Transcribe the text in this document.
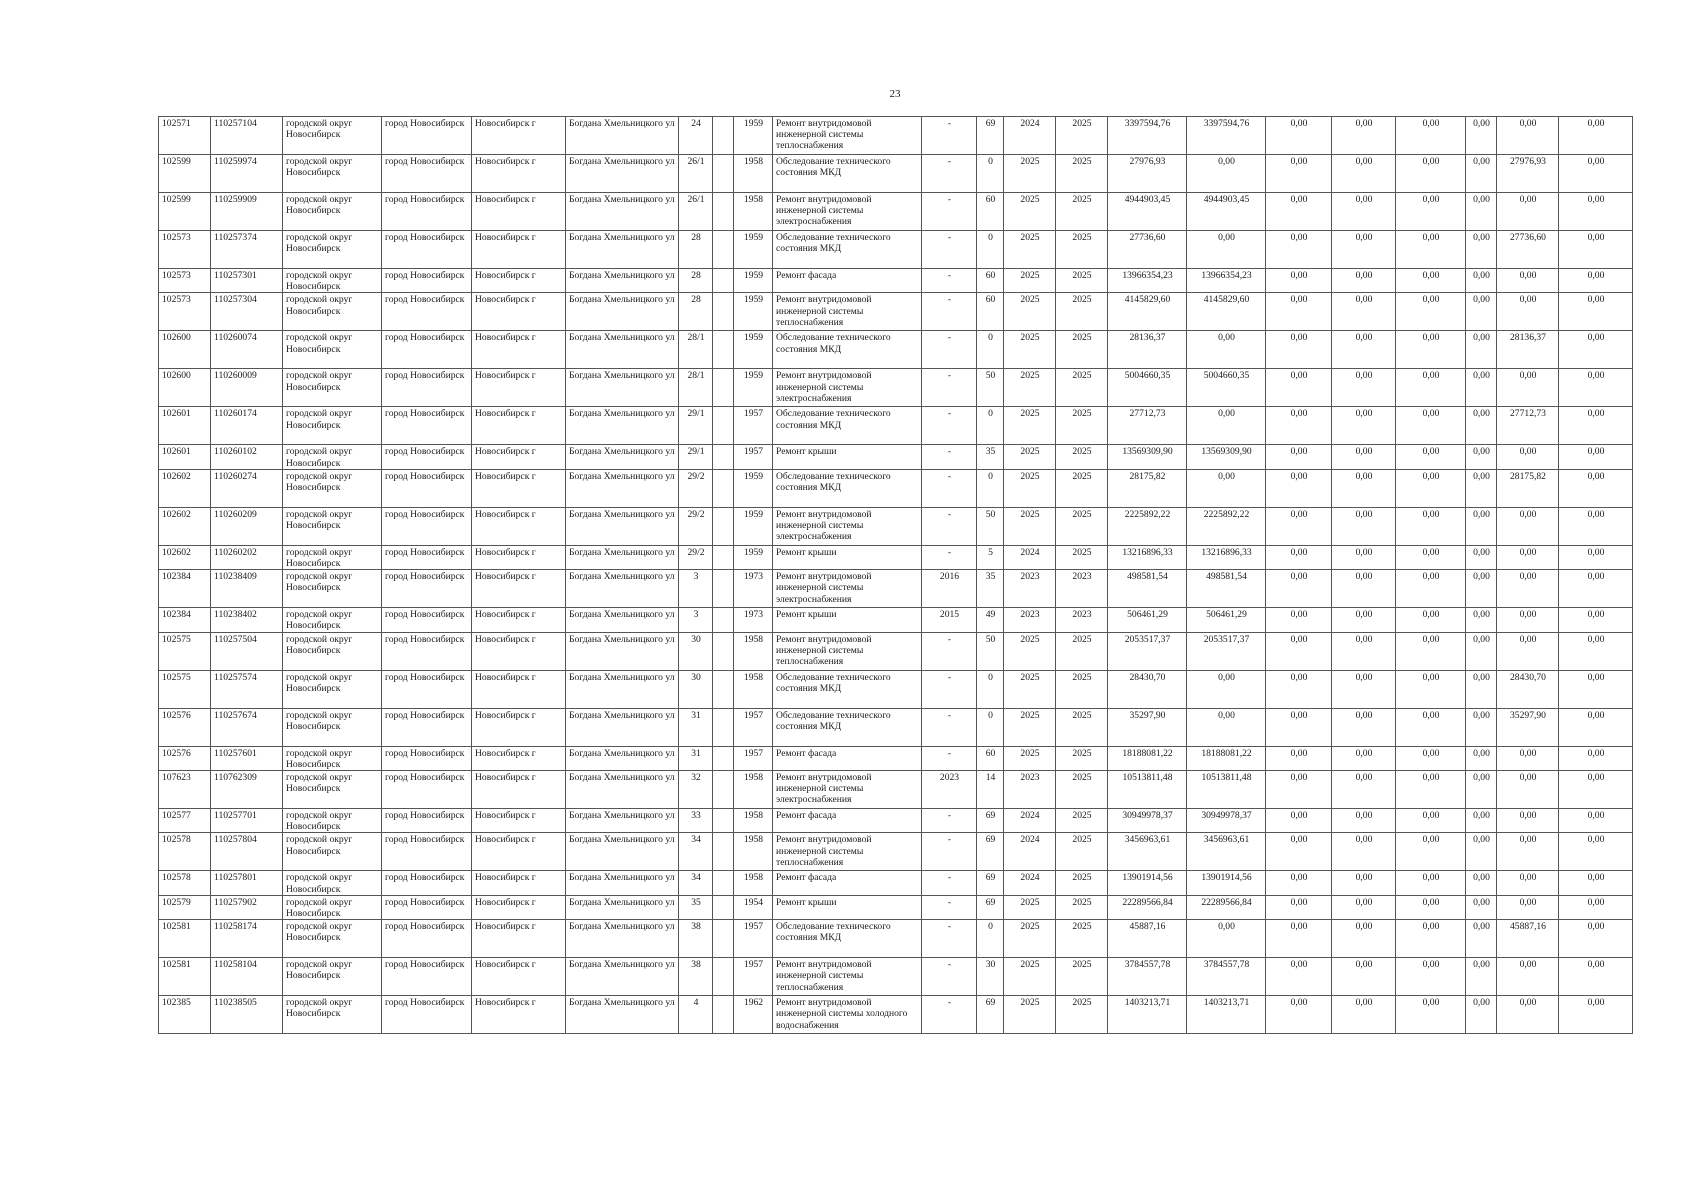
23
102571	110257104	городской округ Новосибирск	город Новосибирск	Новосибирск г	Богдана Хмельницкого ул	24		1959	Ремонт внутридомовой инженерной системы теплоснабжения	-	69	2024	2025	3397594,76	3397594,76	0,00	0,00	0,00	0,00	0,00	0,00
102599	110259974	городской округ Новосибирск	город Новосибирск	Новосибирск г	Богдана Хмельницкого ул	26/1		1958	Обследование технического состояния МКД	-	0	2025	2025	27976,93	0,00	0,00	0,00	0,00	0,00	27976,93	0,00
102599	110259909	городской округ Новосибирск	город Новосибирск	Новосибирск г	Богдана Хмельницкого ул	26/1		1958	Ремонт внутридомовой инженерной системы электроснабжения	-	60	2025	2025	4944903,45	4944903,45	0,00	0,00	0,00	0,00	0,00	0,00
102573	110257374	городской округ Новосибирск	город Новосибирск	Новосибирск г	Богдана Хмельницкого ул	28		1959	Обследование технического состояния МКД	-	0	2025	2025	27736,60	0,00	0,00	0,00	0,00	0,00	27736,60	0,00
102573	110257301	городской округ Новосибирск	город Новосибирск	Новосибирск г	Богдана Хмельницкого ул	28		1959	Ремонт фасада	-	60	2025	2025	13966354,23	13966354,23	0,00	0,00	0,00	0,00	0,00	0,00
102573	110257304	городской округ Новосибирск	город Новосибирск	Новосибирск г	Богдана Хмельницкого ул	28		1959	Ремонт внутридомовой инженерной системы теплоснабжения	-	60	2025	2025	4145829,60	4145829,60	0,00	0,00	0,00	0,00	0,00	0,00
102600	110260074	городской округ Новосибирск	город Новосибирск	Новосибирск г	Богдана Хмельницкого ул	28/1		1959	Обследование технического состояния МКД	-	0	2025	2025	28136,37	0,00	0,00	0,00	0,00	0,00	28136,37	0,00
102600	110260009	городской округ Новосибирск	город Новосибирск	Новосибирск г	Богдана Хмельницкого ул	28/1		1959	Ремонт внутридомовой инженерной системы электроснабжения	-	50	2025	2025	5004660,35	5004660,35	0,00	0,00	0,00	0,00	0,00	0,00
102601	110260174	городской округ Новосибирск	город Новосибирск	Новосибирск г	Богдана Хмельницкого ул	29/1		1957	Обследование технического состояния МКД	-	0	2025	2025	27712,73	0,00	0,00	0,00	0,00	0,00	27712,73	0,00
102601	110260102	городской округ Новосибирск	город Новосибирск	Новосибирск г	Богдана Хмельницкого ул	29/1		1957	Ремонт крыши	-	35	2025	2025	13569309,90	13569309,90	0,00	0,00	0,00	0,00	0,00	0,00
102602	110260274	городской округ Новосибирск	город Новосибирск	Новосибирск г	Богдана Хмельницкого ул	29/2		1959	Обследование технического состояния МКД	-	0	2025	2025	28175,82	0,00	0,00	0,00	0,00	0,00	28175,82	0,00
102602	110260209	городской округ Новосибирск	город Новосибирск	Новосибирск г	Богдана Хмельницкого ул	29/2		1959	Ремонт внутридомовой инженерной системы электроснабжения	-	50	2025	2025	2225892,22	2225892,22	0,00	0,00	0,00	0,00	0,00	0,00
102602	110260202	городской округ Новосибирск	город Новосибирск	Новосибирск г	Богдана Хмельницкого ул	29/2		1959	Ремонт крыши	-	5	2024	2025	13216896,33	13216896,33	0,00	0,00	0,00	0,00	0,00	0,00
102384	110238409	городской округ Новосибирск	город Новосибирск	Новосибирск г	Богдана Хмельницкого ул	3		1973	Ремонт внутридомовой инженерной системы электроснабжения	2016	35	2023	2023	498581,54	498581,54	0,00	0,00	0,00	0,00	0,00	0,00
102384	110238402	городской округ Новосибирск	город Новосибирск	Новосибирск г	Богдана Хмельницкого ул	3		1973	Ремонт крыши	2015	49	2023	2023	506461,29	506461,29	0,00	0,00	0,00	0,00	0,00	0,00
102575	110257504	городской округ Новосибирск	город Новосибирск	Новосибирск г	Богдана Хмельницкого ул	30		1958	Ремонт внутридомовой инженерной системы теплоснабжения	-	50	2025	2025	2053517,37	2053517,37	0,00	0,00	0,00	0,00	0,00	0,00
102575	110257574	городской округ Новосибирск	город Новосибирск	Новосибирск г	Богдана Хмельницкого ул	30		1958	Обследование технического состояния МКД	-	0	2025	2025	28430,70	0,00	0,00	0,00	0,00	0,00	28430,70	0,00
102576	110257674	городской округ Новосибирск	город Новосибирск	Новосибирск г	Богдана Хмельницкого ул	31		1957	Обследование технического состояния МКД	-	0	2025	2025	35297,90	0,00	0,00	0,00	0,00	0,00	35297,90	0,00
102576	110257601	городской округ Новосибирск	город Новосибирск	Новосибирск г	Богдана Хмельницкого ул	31		1957	Ремонт фасада	-	60	2025	2025	18188081,22	18188081,22	0,00	0,00	0,00	0,00	0,00	0,00
107623	110762309	городской округ Новосибирск	город Новосибирск	Новосибирск г	Богдана Хмельницкого ул	32		1958	Ремонт внутридомовой инженерной системы электроснабжения	2023	14	2023	2025	10513811,48	10513811,48	0,00	0,00	0,00	0,00	0,00	0,00
102577	110257701	городской округ Новосибирск	город Новосибирск	Новосибирск г	Богдана Хмельницкого ул	33		1958	Ремонт фасада	-	69	2024	2025	30949978,37	30949978,37	0,00	0,00	0,00	0,00	0,00	0,00
102578	110257804	городской округ Новосибирск	город Новосибирск	Новосибирск г	Богдана Хмельницкого ул	34		1958	Ремонт внутридомовой инженерной системы теплоснабжения	-	69	2024	2025	3456963,61	3456963,61	0,00	0,00	0,00	0,00	0,00	0,00
102578	110257801	городской округ Новосибирск	город Новосибирск	Новосибирск г	Богдана Хмельницкого ул	34		1958	Ремонт фасада	-	69	2024	2025	13901914,56	13901914,56	0,00	0,00	0,00	0,00	0,00	0,00
102579	110257902	городской округ Новосибирск	город Новосибирск	Новосибирск г	Богдана Хмельницкого ул	35		1954	Ремонт крыши	-	69	2025	2025	22289566,84	22289566,84	0,00	0,00	0,00	0,00	0,00	0,00
102581	110258174	городской округ Новосибирск	город Новосибирск	Новосибирск г	Богдана Хмельницкого ул	38		1957	Обследование технического состояния МКД	-	0	2025	2025	45887,16	0,00	0,00	0,00	0,00	0,00	45887,16	0,00
102581	110258104	городской округ Новосибирск	город Новосибирск	Новосибирск г	Богдана Хмельницкого ул	38		1957	Ремонт внутридомовой инженерной системы теплоснабжения	-	30	2025	2025	3784557,78	3784557,78	0,00	0,00	0,00	0,00	0,00	0,00
102385	110238505	городской округ Новосибирск	город Новосибирск	Новосибирск г	Богдана Хмельницкого ул	4		1962	Ремонт внутридомовой инженерной системы холодного водоснабжения	-	69	2025	2025	1403213,71	1403213,71	0,00	0,00	0,00	0,00	0,00	0,00
